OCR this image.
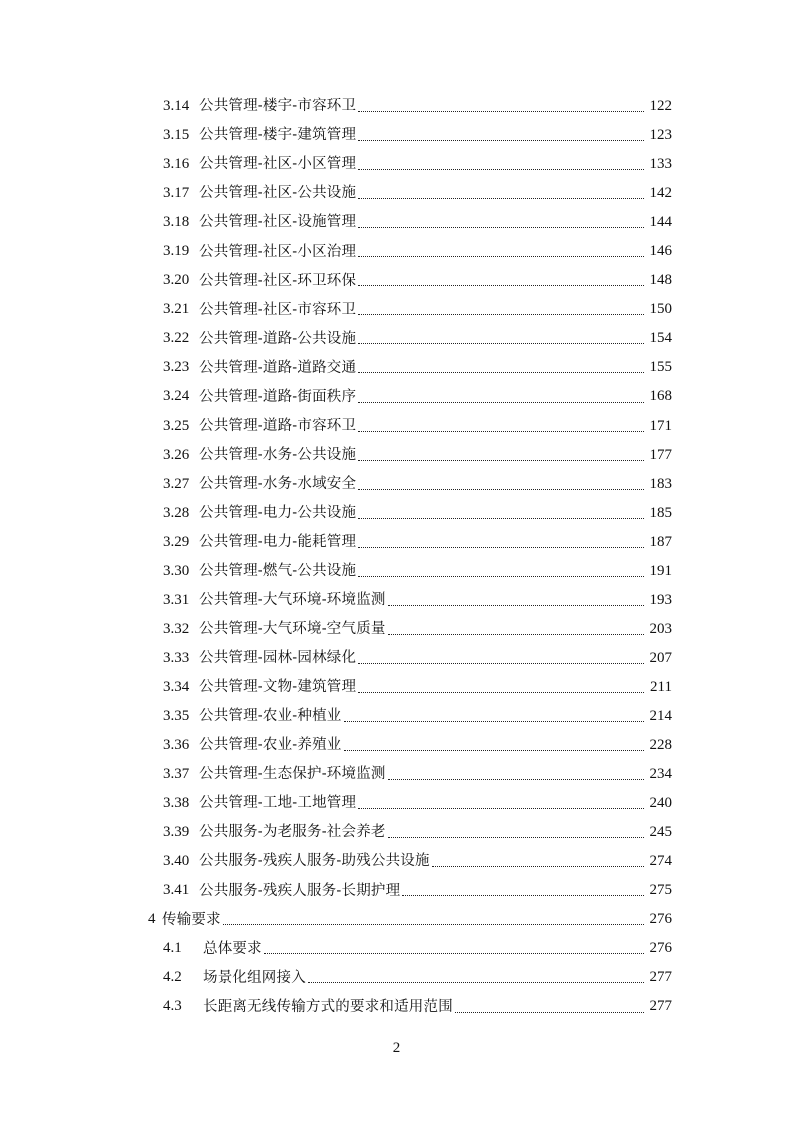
3.14 公共管理-楼宇-市容环卫	122
3.15 公共管理-楼宇-建筑管理	123
3.16 公共管理-社区-小区管理	133
3.17 公共管理-社区-公共设施	142
3.18 公共管理-社区-设施管理	144
3.19 公共管理-社区-小区治理	146
3.20 公共管理-社区-环卫环保	148
3.21 公共管理-社区-市容环卫	150
3.22 公共管理-道路-公共设施	154
3.23 公共管理-道路-道路交通	155
3.24 公共管理-道路-街面秩序	168
3.25 公共管理-道路-市容环卫	171
3.26 公共管理-水务-公共设施	177
3.27 公共管理-水务-水域安全	183
3.28 公共管理-电力-公共设施	185
3.29 公共管理-电力-能耗管理	187
3.30 公共管理-燃气-公共设施	191
3.31 公共管理-大气环境-环境监测	193
3.32 公共管理-大气环境-空气质量	203
3.33 公共管理-园林-园林绿化	207
3.34 公共管理-文物-建筑管理	211
3.35 公共管理-农业-种植业	214
3.36 公共管理-农业-养殖业	228
3.37 公共管理-生态保护-环境监测	234
3.38 公共管理-工地-工地管理	240
3.39 公共服务-为老服务-社会养老	245
3.40 公共服务-残疾人服务-助残公共设施	274
3.41 公共服务-残疾人服务-长期护理	275
4 传输要求	276
4.1	总体要求	276
4.2	场景化组网接入	277
4.3	长距离无线传输方式的要求和适用范围	277
2
